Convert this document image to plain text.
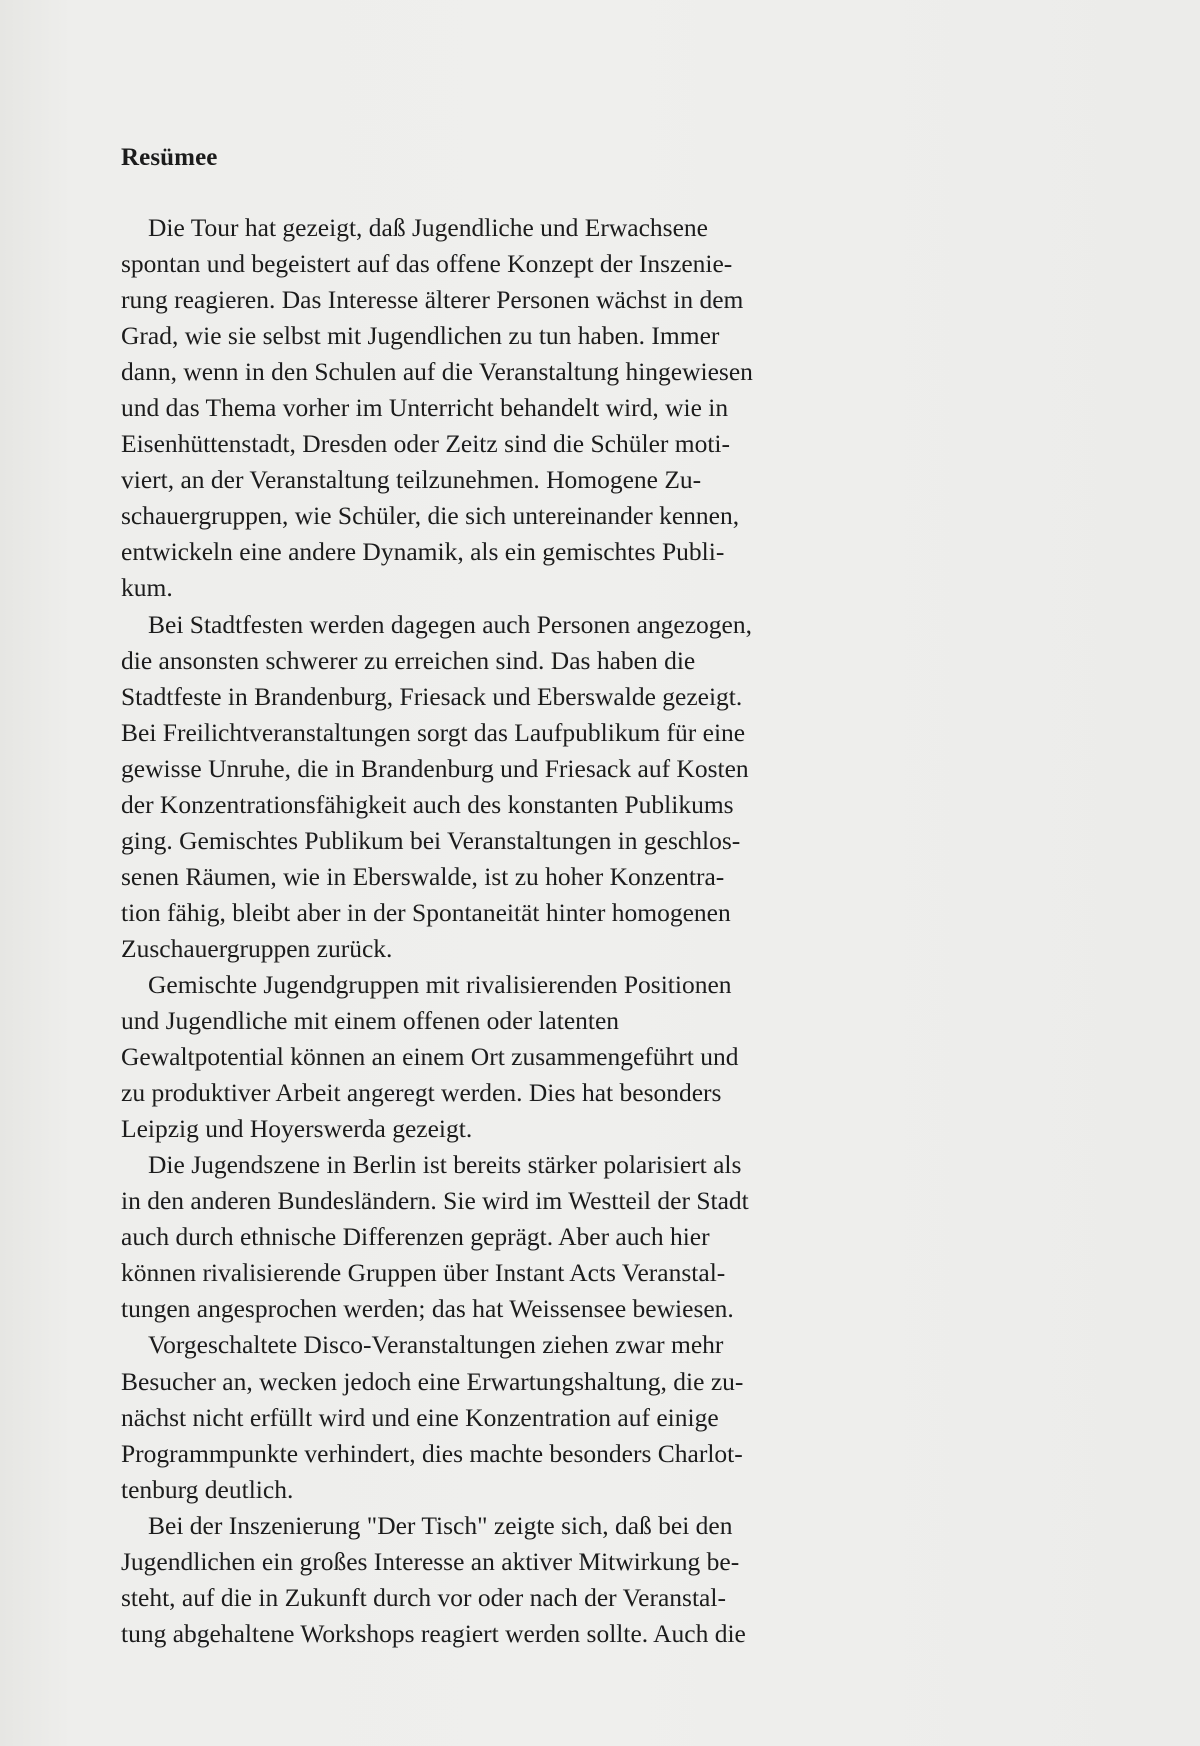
Resümee
Die Tour hat gezeigt, daß Jugendliche und Erwachsene
spontan und begeistert auf das offene Konzept der Inszenie-
rung reagieren. Das Interesse älterer Personen wächst in dem
Grad, wie sie selbst mit Jugendlichen zu tun haben. Immer
dann, wenn in den Schulen auf die Veranstaltung hingewiesen
und das Thema vorher im Unterricht behandelt wird, wie in
Eisenhüttenstadt, Dresden oder Zeitz sind die Schüler moti-
viert, an der Veranstaltung teilzunehmen. Homogene Zu-
schauergruppen, wie Schüler, die sich untereinander kennen,
entwickeln eine andere Dynamik, als ein gemischtes Publi-
kum.
Bei Stadtfesten werden dagegen auch Personen angezogen,
die ansonsten schwerer zu erreichen sind. Das haben die
Stadtfeste in Brandenburg, Friesack und Eberswalde gezeigt.
Bei Freilichtveranstaltungen sorgt das Laufpublikum für eine
gewisse Unruhe, die in Brandenburg und Friesack auf Kosten
der Konzentrationsfähigkeit auch des konstanten Publikums
ging. Gemischtes Publikum bei Veranstaltungen in geschlos-
senen Räumen, wie in Eberswalde, ist zu hoher Konzentra-
tion fähig, bleibt aber in der Spontaneität hinter homogenen
Zuschauergruppen zurück.
Gemischte Jugendgruppen mit rivalisierenden Positionen
und Jugendliche mit einem offenen oder latenten
Gewaltpotential können an einem Ort zusammengeführt und
zu produktiver Arbeit angeregt werden. Dies hat besonders
Leipzig und Hoyerswerda gezeigt.
Die Jugendszene in Berlin ist bereits stärker polarisiert als
in den anderen Bundesländern. Sie wird im Westteil der Stadt
auch durch ethnische Differenzen geprägt. Aber auch hier
können rivalisierende Gruppen über Instant Acts Veranstal-
tungen angesprochen werden; das hat Weissensee bewiesen.
Vorgeschaltete Disco-Veranstaltungen ziehen zwar mehr
Besucher an, wecken jedoch eine Erwartungshaltung, die zu-
nächst nicht erfüllt wird und eine Konzentration auf einige
Programmpunkte verhindert, dies machte besonders Charlot-
tenburg deutlich.
Bei der Inszenierung "Der Tisch" zeigte sich, daß bei den
Jugendlichen ein großes Interesse an aktiver Mitwirkung be-
steht, auf die in Zukunft durch vor oder nach der Veranstal-
tung abgehaltene Workshops reagiert werden sollte. Auch die
